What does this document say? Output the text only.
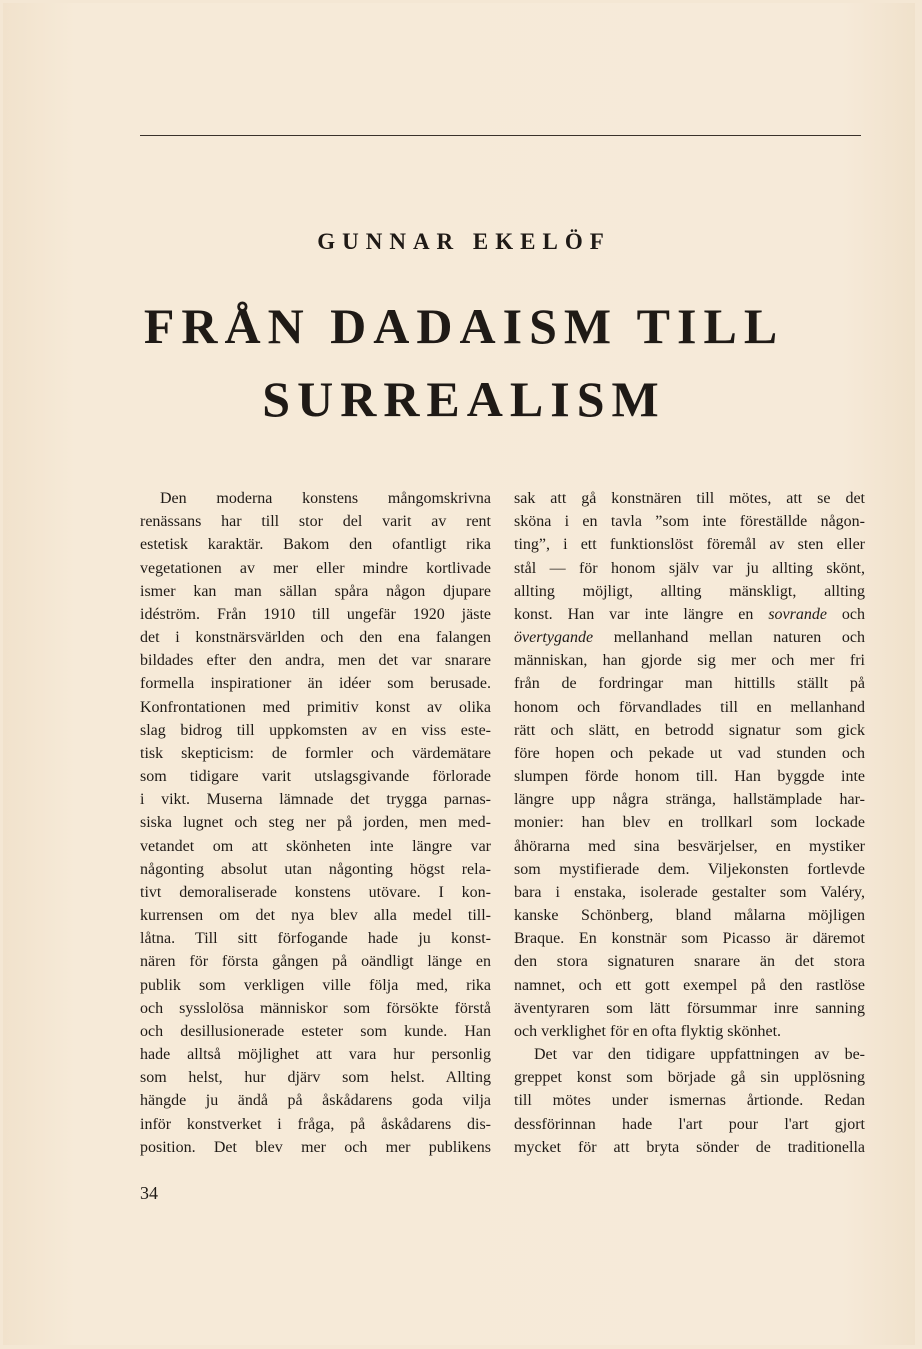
GUNNAR EKELÖF
FRÅN DADAISM TILL
SURREALISM
Den moderna konstens mångomskrivna
renässans har till stor del varit av rent
estetisk karaktär. Bakom den ofantligt rika
vegetationen av mer eller mindre kortlivade
ismer kan man sällan spåra någon djupare
idéström. Från 1910 till ungefär 1920 jäste
det i konstnärsvärlden och den ena falangen
bildades efter den andra, men det var snarare
formella inspirationer än idéer som berusade.
Konfrontationen med primitiv konst av olika
slag bidrog till uppkomsten av en viss este-
tisk skepticism: de formler och värdemätare
som tidigare varit utslagsgivande förlorade
i vikt. Muserna lämnade det trygga parnas-
siska lugnet och steg ner på jorden, men med-
vetandet om att skönheten inte längre var
någonting absolut utan någonting högst rela-
tivt demoraliserade konstens utövare. I kon-
kurrensen om det nya blev alla medel till-
låtna. Till sitt förfogande hade ju konst-
nären för första gången på oändligt länge en
publik som verkligen ville följa med, rika
och sysslolösa människor som försökte förstå
och desillusionerade esteter som kunde. Han
hade alltså möjlighet att vara hur personlig
som helst, hur djärv som helst. Allting
hängde ju ändå på åskådarens goda vilja
inför konstverket i fråga, på åskådarens dis-
position. Det blev mer och mer publikens
sak att gå konstnären till mötes, att se det
sköna i en tavla ”som inte föreställde någon-
ting”, i ett funktionslöst föremål av sten eller
stål — för honom själv var ju allting skönt,
allting möjligt, allting mänskligt, allting
konst. Han var inte längre en sovrande och
övertygande mellanhand mellan naturen och
människan, han gjorde sig mer och mer fri
från de fordringar man hittills ställt på
honom och förvandlades till en mellanhand
rätt och slätt, en betrodd signatur som gick
före hopen och pekade ut vad stunden och
slumpen förde honom till. Han byggde inte
längre upp några stränga, hallstämplade har-
monier: han blev en trollkarl som lockade
åhörarna med sina besvärjelser, en mystiker
som mystifierade dem. Viljekonsten fortlevde
bara i enstaka, isolerade gestalter som Valéry,
kanske Schönberg, bland målarna möjligen
Braque. En konstnär som Picasso är däremot
den stora signaturen snarare än det stora
namnet, och ett gott exempel på den rastlöse
äventyraren som lätt försummar inre sanning
och verklighet för en ofta flyktig skönhet.
Det var den tidigare uppfattningen av be-
greppet konst som började gå sin upplösning
till mötes under ismernas årtionde. Redan
dessförinnan hade l'art pour l'art gjort
mycket för att bryta sönder de traditionella
34
